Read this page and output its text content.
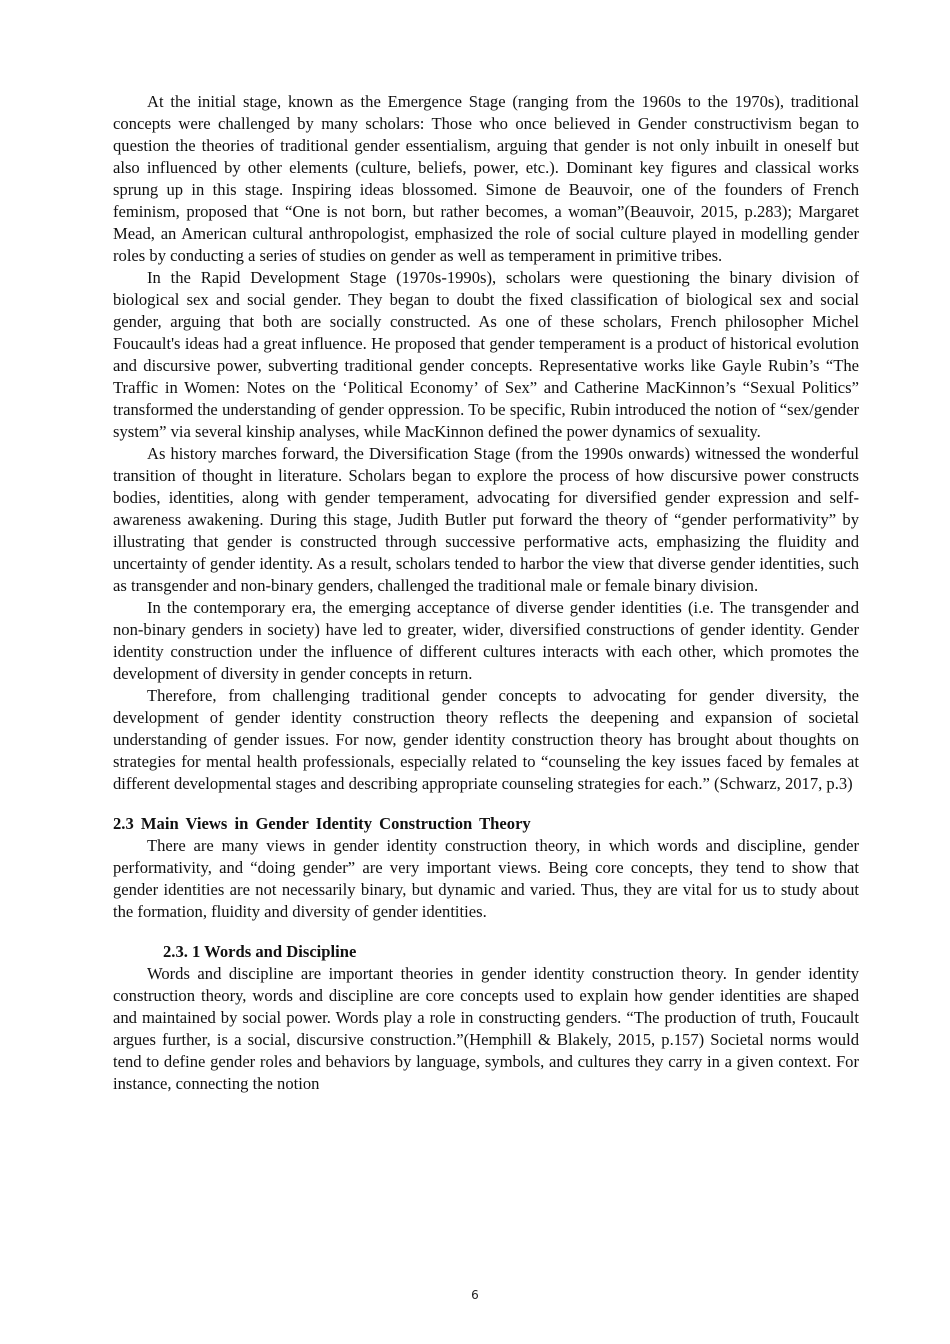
At the initial stage, known as the Emergence Stage (ranging from the 1960s to the 1970s), traditional concepts were challenged by many scholars: Those who once believed in Gender constructivism began to question the theories of traditional gender essentialism, arguing that gender is not only inbuilt in oneself but also influenced by other elements (culture, beliefs, power, etc.). Dominant key figures and classical works sprung up in this stage. Inspiring ideas blossomed. Simone de Beauvoir, one of the founders of French feminism, proposed that “One is not born, but rather becomes, a woman”(Beauvoir, 2015, p.283); Margaret Mead, an American cultural anthropologist, emphasized the role of social culture played in modelling gender roles by conducting a series of studies on gender as well as temperament in primitive tribes.

In the Rapid Development Stage (1970s-1990s), scholars were questioning the binary division of biological sex and social gender. They began to doubt the fixed classification of biological sex and social gender, arguing that both are socially constructed. As one of these scholars, French philosopher Michel Foucault's ideas had a great influence. He proposed that gender temperament is a product of historical evolution and discursive power, subverting traditional gender concepts. Representative works like Gayle Rubin’s “The Traffic in Women: Notes on the ‘Political Economy’ of Sex” and Catherine MacKinnon’s “Sexual Politics” transformed the understanding of gender oppression. To be specific, Rubin introduced the notion of “sex/gender system” via several kinship analyses, while MacKinnon defined the power dynamics of sexuality.

As history marches forward, the Diversification Stage (from the 1990s onwards) witnessed the wonderful transition of thought in literature. Scholars began to explore the process of how discursive power constructs bodies, identities, along with gender temperament, advocating for diversified gender expression and self-awareness awakening. During this stage, Judith Butler put forward the theory of “gender performativity” by illustrating that gender is constructed through successive performative acts, emphasizing the fluidity and uncertainty of gender identity. As a result, scholars tended to harbor the view that diverse gender identities, such as transgender and non-binary genders, challenged the traditional male or female binary division.

In the contemporary era, the emerging acceptance of diverse gender identities (i.e. The transgender and non-binary genders in society) have led to greater, wider, diversified constructions of gender identity. Gender identity construction under the influence of different cultures interacts with each other, which promotes the development of diversity in gender concepts in return.

Therefore, from challenging traditional gender concepts to advocating for gender diversity, the development of gender identity construction theory reflects the deepening and expansion of societal understanding of gender issues. For now, gender identity construction theory has brought about thoughts on strategies for mental health professionals, especially related to “counseling the key issues faced by females at different developmental stages and describing appropriate counseling strategies for each.” (Schwarz, 2017, p.3)

2.3 Main Views in Gender Identity Construction Theory

There are many views in gender identity construction theory, in which words and discipline, gender performativity, and “doing gender” are very important views. Being core concepts, they tend to show that gender identities are not necessarily binary, but dynamic and varied. Thus, they are vital for us to study about the formation, fluidity and diversity of gender identities.

2.3. 1 Words and Discipline

Words and discipline are important theories in gender identity construction theory. In gender identity construction theory, words and discipline are core concepts used to explain how gender identities are shaped and maintained by social power. Words play a role in constructing genders. “The production of truth, Foucault argues further, is a social, discursive construction.”(Hemphill & Blakely, 2015, p.157) Societal norms would tend to define gender roles and behaviors by language, symbols, and cultures they carry in a given context. For instance, connecting the notion

6
